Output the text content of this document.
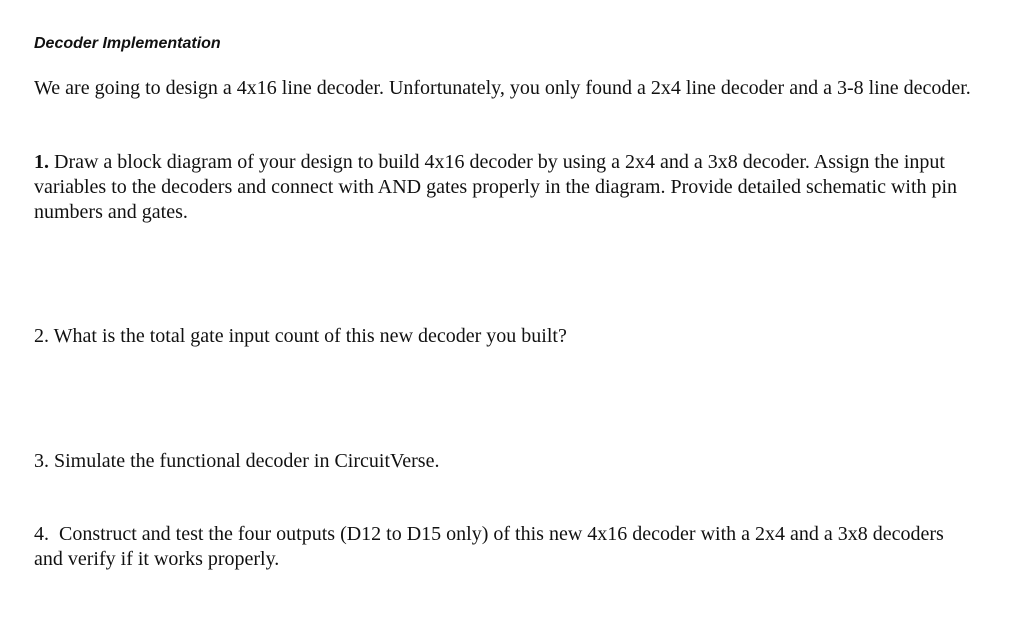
Decoder Implementation

We are going to design a 4x16 line decoder. Unfortunately, you only found a 2x4 line decoder and a 3-8 line decoder.

1. Draw a block diagram of your design to build 4x16 decoder by using a 2x4 and a 3x8 decoder. Assign the input variables to the decoders and connect with AND gates properly in the diagram. Provide detailed schematic with pin numbers and gates.

2. What is the total gate input count of this new decoder you built?

3. Simulate the functional decoder in CircuitVerse.

4. Construct and test the four outputs (D12 to D15 only) of this new 4x16 decoder with a 2x4 and a 3x8 decoders and verify if it works properly.
